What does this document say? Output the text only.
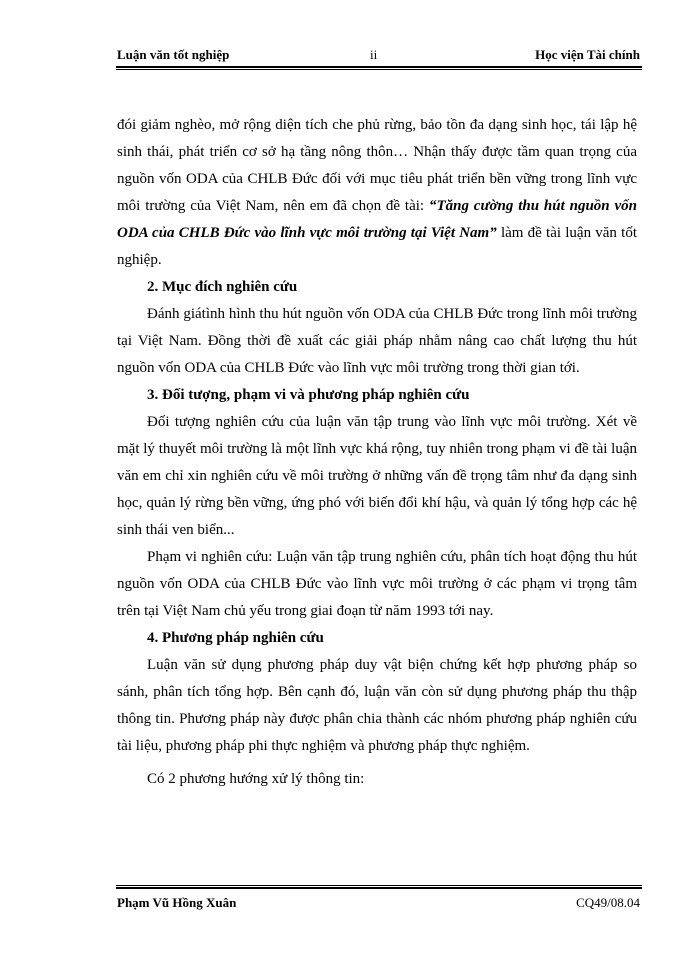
Luận văn tốt nghiệp	ii	Học viện Tài chính

đói giảm nghèo, mở rộng diện tích che phủ rừng, bảo tồn đa dạng sinh học, tái lập hệ sinh thái, phát triển cơ sở hạ tầng nông thôn… Nhận thấy được tầm quan trọng của nguồn vốn ODA của CHLB Đức đối với mục tiêu phát triển bền vững trong lĩnh vực môi trường của Việt Nam, nên em đã chọn đề tài: “Tăng cường thu hút nguồn vốn ODA của CHLB Đức vào lĩnh vực môi trường tại Việt Nam” làm đề tài luận văn tốt nghiệp.

2. Mục đích nghiên cứu

Đánh giátình hình thu hút nguồn vốn ODA của CHLB Đức trong lĩnh môi trường tại Việt Nam. Đồng thời đề xuất các giải pháp nhằm nâng cao chất lượng thu hút nguồn vốn ODA của CHLB Đức vào lĩnh vực môi trường trong thời gian tới.

3. Đối tượng, phạm vi và phương pháp nghiên cứu

Đối tượng nghiên cứu của luận văn tập trung vào lĩnh vực môi trường. Xét về mặt lý thuyết môi trường là một lĩnh vực khá rộng, tuy nhiên trong phạm vi đề tài luận văn em chỉ xin nghiên cứu về môi trường ở những vấn đề trọng tâm như đa dạng sinh học, quản lý rừng bền vững, ứng phó với biến đổi khí hậu, và quản lý tổng hợp các hệ sinh thái ven biển...

Phạm vi nghiên cứu: Luận văn tập trung nghiên cứu, phân tích hoạt động thu hút nguồn vốn ODA của CHLB Đức vào lĩnh vực môi trường ở các phạm vi trọng tâm trên tại Việt Nam chủ yếu trong giai đoạn từ năm 1993 tới nay.

4. Phương pháp nghiên cứu

Luận văn sử dụng phương pháp duy vật biện chứng kết hợp phương pháp so sánh, phân tích tổng hợp. Bên cạnh đó, luận văn còn sử dụng phương pháp thu thập thông tin. Phương pháp này được phân chia thành các nhóm phương pháp nghiên cứu tài liệu, phương pháp phi thực nghiệm và phương pháp thực nghiệm.

Có 2 phương hướng xử lý thông tin:

Phạm Vũ Hồng Xuân	CQ49/08.04
